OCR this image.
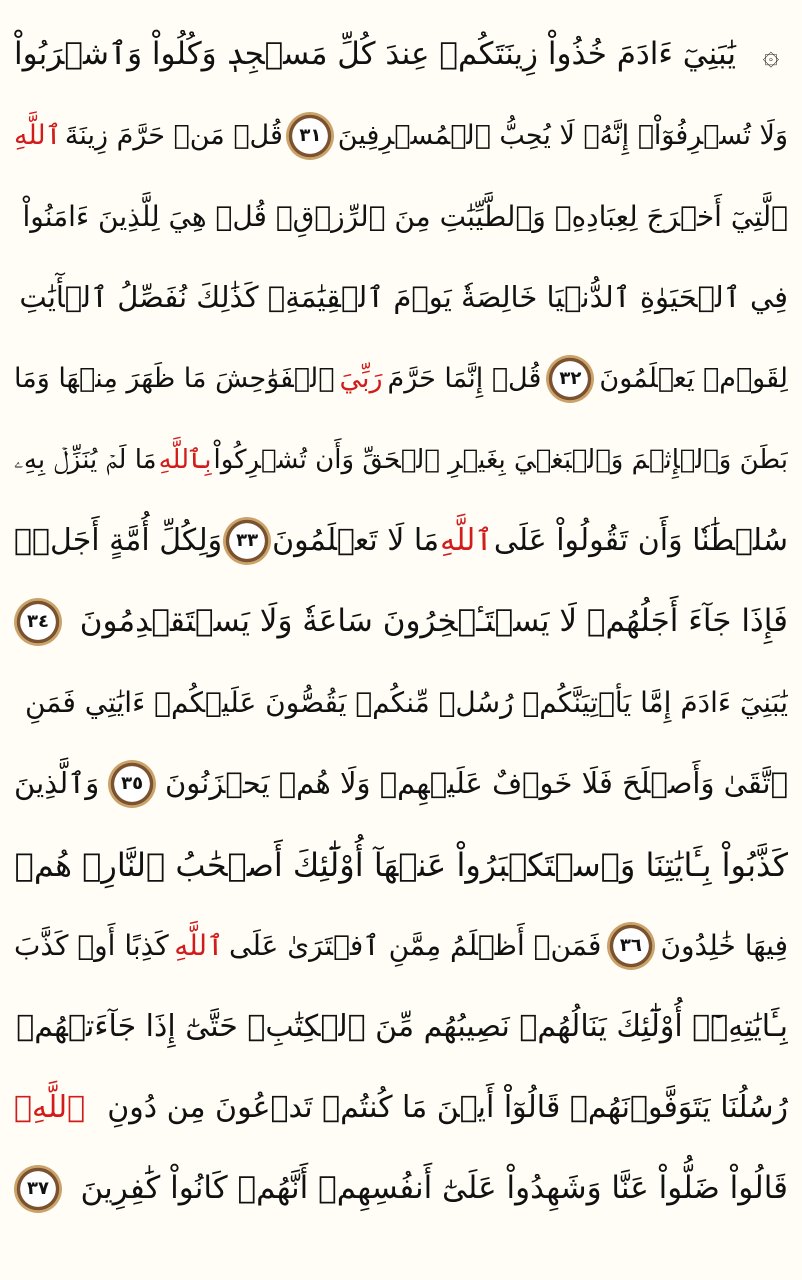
۞
يَٰبَنِيٓ ءَادَمَ خُذُواْ زِينَتَكُمۡ عِندَ كُلِّ مَسۡجِدٖ وَكُلُواْ وَٱشۡرَبُواْ
وَلَا تُسۡرِفُوٓاْۚ إِنَّهُۥ لَا يُحِبُّ ٱلۡمُسۡرِفِينَ
٣١
قُلۡ مَنۡ حَرَّمَ زِينَةَ
ٱللَّهِ
ٱلَّتِيٓ أَخۡرَجَ لِعِبَادِهِۦ وَٱلطَّيِّبَٰتِ مِنَ ٱلرِّزۡقِۚ قُلۡ هِيَ لِلَّذِينَ ءَامَنُواْ
فِي ٱلۡحَيَوٰةِ ٱلدُّنۡيَا خَالِصَةٗ يَوۡمَ ٱلۡقِيَٰمَةِۗ كَذَٰلِكَ نُفَصِّلُ ٱلۡأٓيَٰتِ
لِقَوۡمٖ يَعۡلَمُونَ
٣٢
قُلۡ إِنَّمَا حَرَّمَ
رَبِّيَ
ٱلۡفَوَٰحِشَ مَا ظَهَرَ مِنۡهَا وَمَا
بَطَنَ وَٱلۡإِثۡمَ وَٱلۡبَغۡيَ بِغَيۡرِ ٱلۡحَقِّ وَأَن تُشۡرِكُواْ
بِٱللَّهِ
مَا لَمۡ يُنَزِّلۡ بِهِۦ
سُلۡطَٰنٗا وَأَن تَقُولُواْ عَلَى
ٱللَّهِ
مَا لَا تَعۡلَمُونَ
٣٣
وَلِكُلِّ أُمَّةٍ أَجَلٞۖ
فَإِذَا جَآءَ أَجَلُهُمۡ لَا يَسۡتَـٔۡخِرُونَ سَاعَةٗ وَلَا يَسۡتَقۡدِمُونَ
٣٤
يَٰبَنِيٓ ءَادَمَ إِمَّا يَأۡتِيَنَّكُمۡ رُسُلٞ مِّنكُمۡ يَقُصُّونَ عَلَيۡكُمۡ ءَايَٰتِي فَمَنِ
ٱتَّقَىٰ وَأَصۡلَحَ فَلَا خَوۡفٌ عَلَيۡهِمۡ وَلَا هُمۡ يَحۡزَنُونَ
٣٥
وَٱلَّذِينَ
كَذَّبُواْ بِـَٔايَٰتِنَا وَٱسۡتَكۡبَرُواْ عَنۡهَآ أُوْلَٰٓئِكَ أَصۡحَٰبُ ٱلنَّارِۖ هُمۡ
فِيهَا خَٰلِدُونَ
٣٦
فَمَنۡ أَظۡلَمُ مِمَّنِ ٱفۡتَرَىٰ عَلَى
ٱللَّهِ
كَذِبًا أَوۡ كَذَّبَ
بِـَٔايَٰتِهِۦٓۚ أُوْلَٰٓئِكَ يَنَالُهُمۡ نَصِيبُهُم مِّنَ ٱلۡكِتَٰبِۖ حَتَّىٰٓ إِذَا جَآءَتۡهُمۡ
رُسُلُنَا يَتَوَفَّوۡنَهُمۡ قَالُوٓاْ أَيۡنَ مَا كُنتُمۡ تَدۡعُونَ مِن دُونِ
ٱللَّهِۖ
قَالُواْ ضَلُّواْ عَنَّا وَشَهِدُواْ عَلَىٰٓ أَنفُسِهِمۡ أَنَّهُمۡ كَانُواْ كَٰفِرِينَ
٣٧
